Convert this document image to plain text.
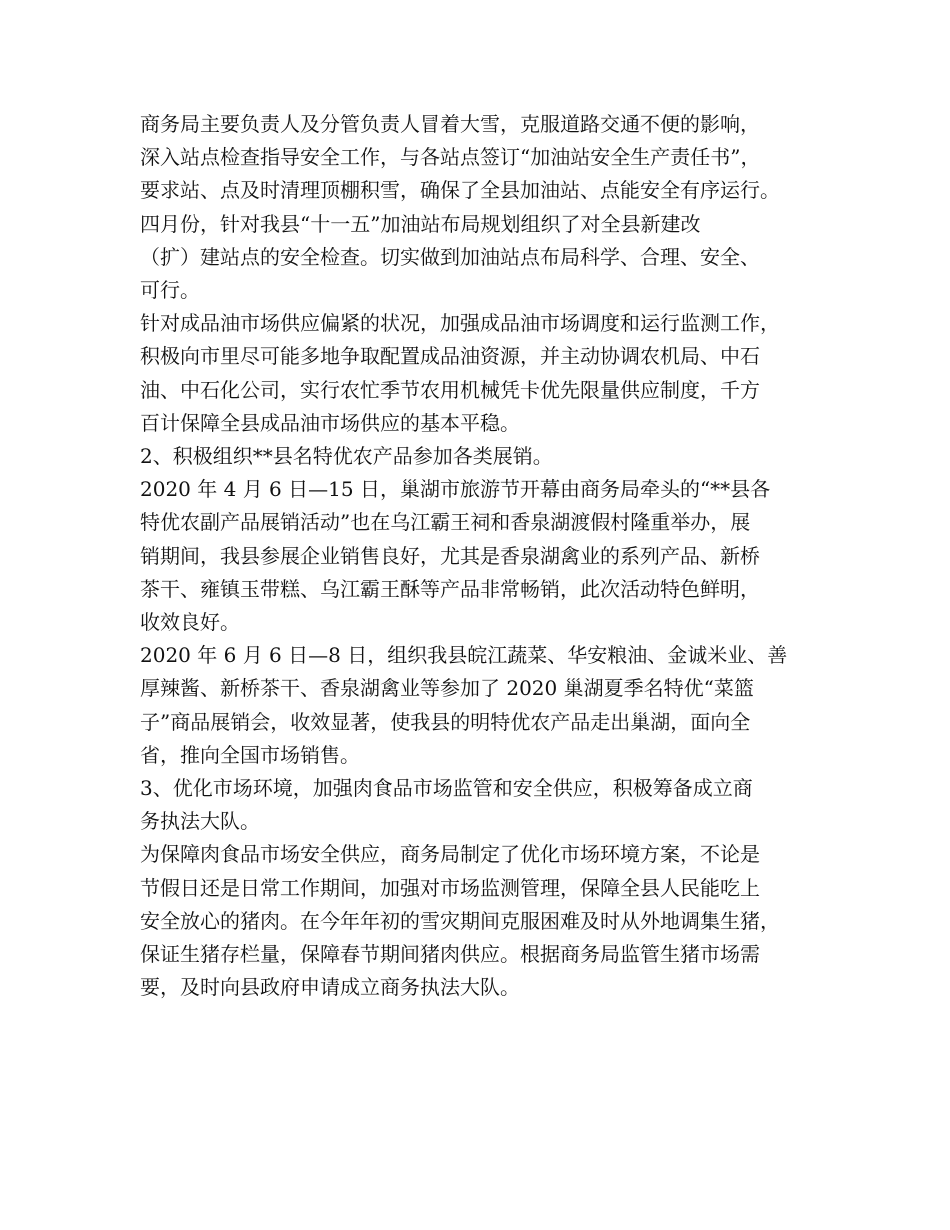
商务局主要负责人及分管负责人冒着大雪，克服道路交通不便的影响，

深入站点检查指导安全工作，与各站点签订“加油站安全生产责任书”，

要求站、点及时清理顶棚积雪，确保了全县加油站、点能安全有序运行。

四月份，针对我县“十一五”加油站布局规划组织了对全县新建改

（扩）建站点的安全检查。切实做到加油站点布局科学、合理、安全、

可行。

针对成品油市场供应偏紧的状况，加强成品油市场调度和运行监测工作，

积极向市里尽可能多地争取配置成品油资源，并主动协调农机局、中石

油、中石化公司，实行农忙季节农用机械凭卡优先限量供应制度，千方

百计保障全县成品油市场供应的基本平稳。

2、积极组织**县名特优农产品参加各类展销。

2020 年 4 月 6 日—15 日，巢湖市旅游节开幕由商务局牵头的“**县各

特优农副产品展销活动”也在乌江霸王祠和香泉湖渡假村隆重举办，展

销期间，我县参展企业销售良好，尤其是香泉湖禽业的系列产品、新桥

茶干、雍镇玉带糕、乌江霸王酥等产品非常畅销，此次活动特色鲜明，

收效良好。

2020 年 6 月 6 日—8 日，组织我县皖江蔬菜、华安粮油、金诚米业、善

厚辣酱、新桥茶干、香泉湖禽业等参加了 2020 巢湖夏季名特优“菜篮

子”商品展销会，收效显著，使我县的明特优农产品走出巢湖，面向全

省，推向全国市场销售。

3、优化市场环境，加强肉食品市场监管和安全供应，积极筹备成立商

务执法大队。

为保障肉食品市场安全供应，商务局制定了优化市场环境方案，不论是

节假日还是日常工作期间，加强对市场监测管理，保障全县人民能吃上

安全放心的猪肉。在今年年初的雪灾期间克服困难及时从外地调集生猪，

保证生猪存栏量，保障春节期间猪肉供应。根据商务局监管生猪市场需

要，及时向县政府申请成立商务执法大队。
